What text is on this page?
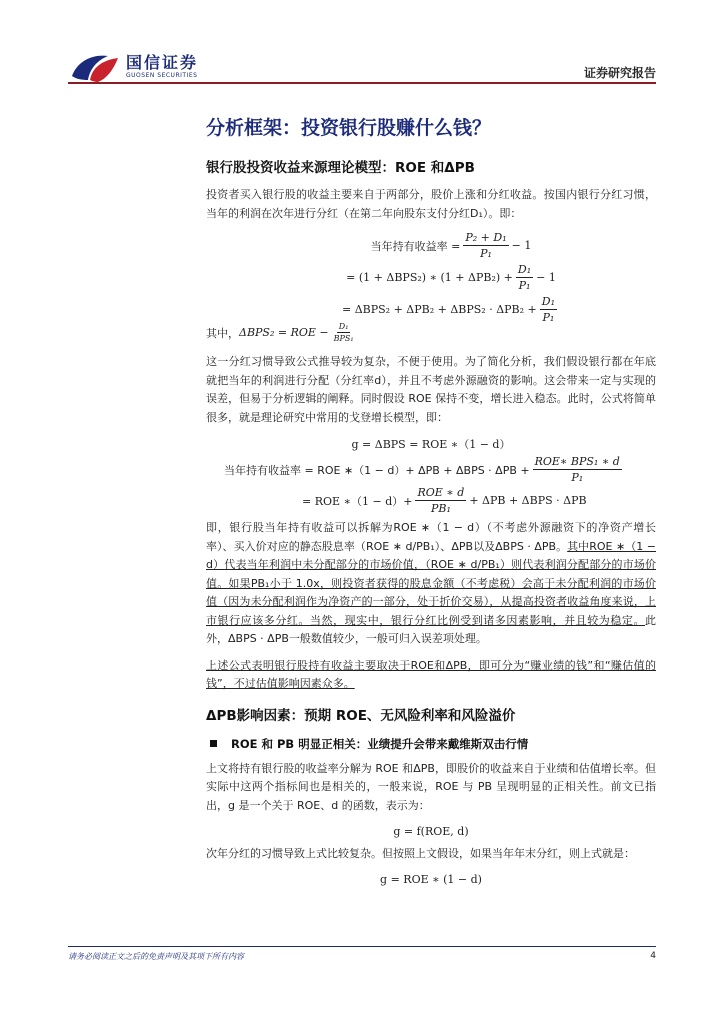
国信证券
GUOSEN SECURITIES	证券研究报告
分析框架：投资银行股赚什么钱？
银行股投资收益来源理论模型：ROE 和ΔPB
投资者买入银行股的收益主要来自于两部分，股价上涨和分红收益。按国内银行分红习惯，当年的利润在次年进行分红（在第二年向股东支付分红D₁）。即：
当年持有收益率 = $\frac{\text{P₂ + D₁}}{\text{P₁}} - 1$
= (1 + ΔBPS₂) ∗ $(1 + \Delta PB_2) + \frac{\text{D₁}}{\text{P₁}} - 1$
= $\Delta BPS_2 + \Delta PB_2 + \Delta BPS_2 \cdot \Delta PB_2 + \frac{\text{D₁}}{\text{P₁}}$
其中， ΔBPS₂ = ROE − $\frac{\text{D₁}}{\text{BPS₁}}$
这一分红习惯导致公式推导较为复杂，不便于使用。为了简化分析，我们假设银行都在年底就把当年的利润进行分配（分红率d），并且不考虑外源融资的影响。这会带来一定与实现的误差，但易于分析逻辑的阐释。同时假设 ROE 保持不变，增长进入稳态。此时，公式将简单很多，就是理论研究中常用的戈登增长模型，即：
g = ΔBPS = ROE ∗（1 − d）
当年持有收益率 = ROE ∗（1 − $d)+ \Delta PB + \Delta BPS \cdot \Delta PB + \frac{\text{ROE∗ BPS₁ ∗ d}}{\text{P₁}}$
= ROE ∗（1 − $d)+ \frac{\text{ROE ∗ d}}{\text{PB₁}} + \Delta PB + \Delta BPS \cdot \Delta PB$
即，银行股当年持有收益可以拆解为ROE ∗（1 − d）（不考虑外源融资下的净资产增长率）、买入价对应的静态股息率（ROE ∗ d/PB₁）、ΔPB以及ΔBPS · ΔPB。其中ROE ∗（1 − d）代表当年利润中未分配部分的市场价值，（ROE ∗ d/PB₁）则代表利润分配部分的市场价值。如果PB₁小于 1.0x，则投资者获得的股息金额（不考虑税）会高于未分配利润的市场价值（因为未分配利润作为净资产的一部分，处于折价交易），从提高投资者收益角度来说，上市银行应该多分红。当然，现实中，银行分红比例受到诸多因素影响，并且较为稳定。此外，ΔBPS · ΔPB一般数值较少，一般可归入误差项处理。
上述公式表明银行股持有收益主要取决于ROE和ΔPB，即可分为“赚业绩的钱”和“赚估值的钱”，不过估值影响因素众多。
ΔPB影响因素：预期 ROE、无风险利率和风险溢价
ROE 和 PB 明显正相关：业绩提升会带来戴维斯双击行情
上文将持有银行股的收益率分解为 ROE 和ΔPB，即股价的收益来自于业绩和估值增长率。但实际中这两个指标间也是相关的，一般来说，ROE 与 PB 呈现明显的正相关性。前文已指出，g 是一个关于 ROE、d 的函数，表示为：
g = f(ROE, d)
次年分红的习惯导致上式比较复杂。但按照上文假设，如果当年年末分红，则上式就是：
g = ROE ∗ (1 − d)
请务必阅读正文之后的免责声明及其项下所有内容	4
